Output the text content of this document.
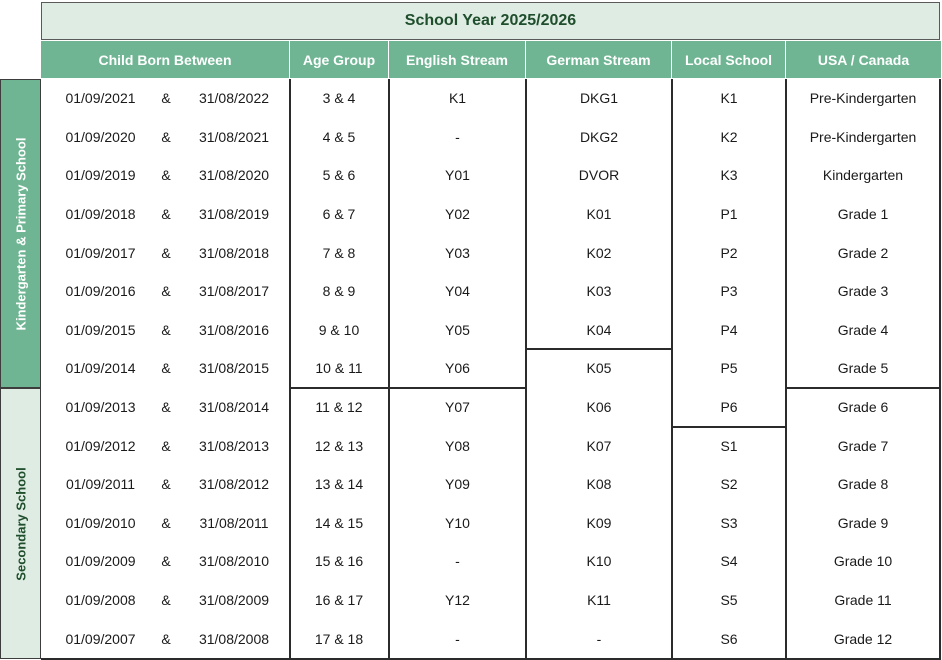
School Year 2025/2026
Child Born Between	Age Group	English Stream	German Stream	Local School	USA / Canada
Kindergarten & Primary School
Secondary School
01/09/2021	&	31/08/2022	3 & 4	K1	DKG1	K1	Pre-Kindergarten
01/09/2020	&	31/08/2021	4 & 5	-	DKG2	K2	Pre-Kindergarten
01/09/2019	&	31/08/2020	5 & 6	Y01	DVOR	K3	Kindergarten
01/09/2018	&	31/08/2019	6 & 7	Y02	K01	P1	Grade 1
01/09/2017	&	31/08/2018	7 & 8	Y03	K02	P2	Grade 2
01/09/2016	&	31/08/2017	8 & 9	Y04	K03	P3	Grade 3
01/09/2015	&	31/08/2016	9 & 10	Y05	K04	P4	Grade 4
01/09/2014	&	31/08/2015	10 & 11	Y06	K05	P5	Grade 5
01/09/2013	&	31/08/2014	11 & 12	Y07	K06	P6	Grade 6
01/09/2012	&	31/08/2013	12 & 13	Y08	K07	S1	Grade 7
01/09/2011	&	31/08/2012	13 & 14	Y09	K08	S2	Grade 8
01/09/2010	&	31/08/2011	14 & 15	Y10	K09	S3	Grade 9
01/09/2009	&	31/08/2010	15 & 16	-	K10	S4	Grade 10
01/09/2008	&	31/08/2009	16 & 17	Y12	K11	S5	Grade 11
01/09/2007	&	31/08/2008	17 & 18	-	-	S6	Grade 12
